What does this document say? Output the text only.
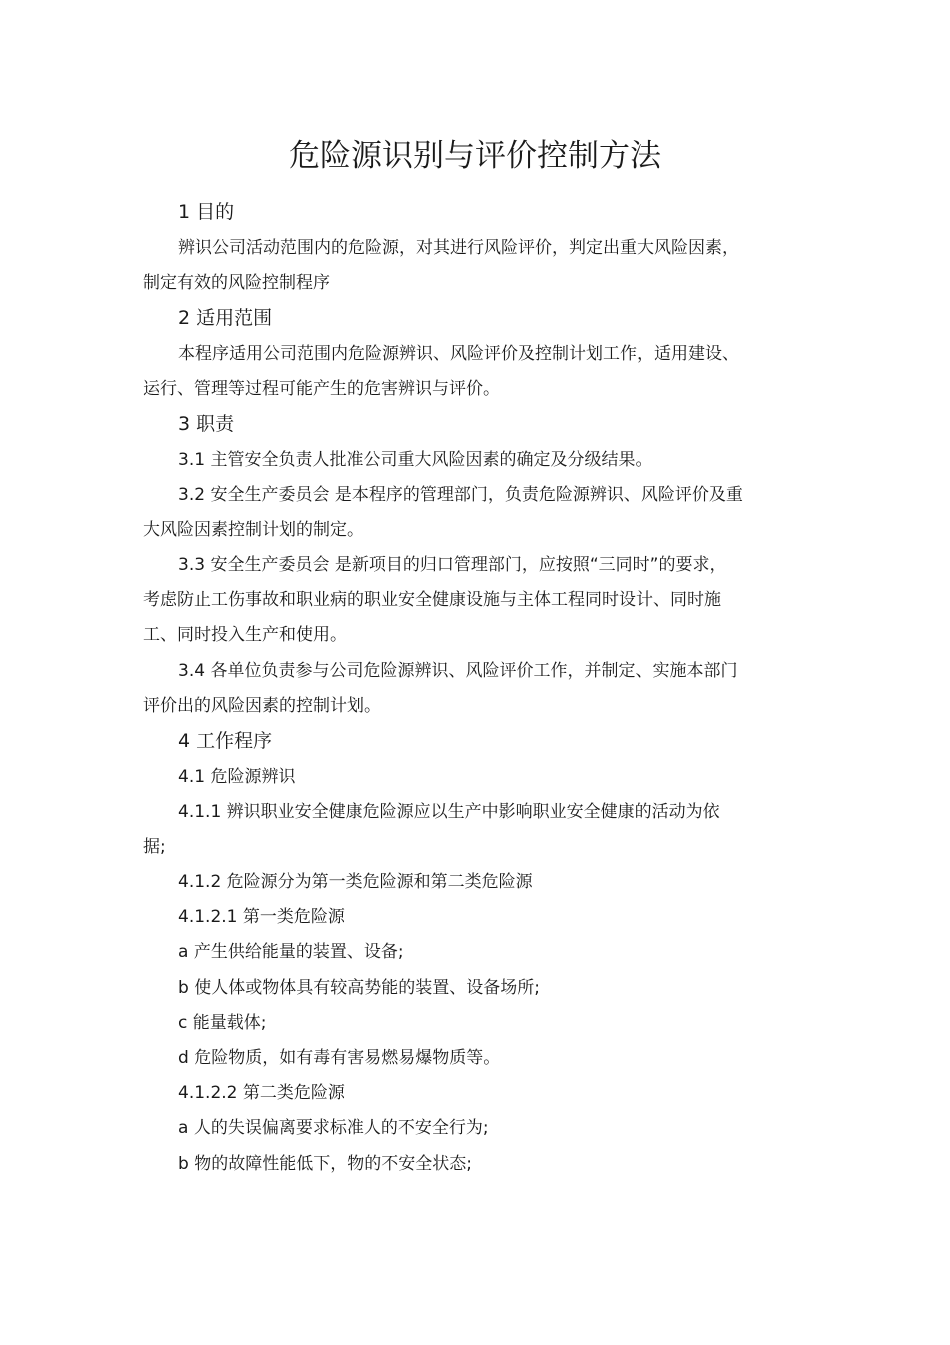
危险源识别与评价控制方法

1 目的

辨识公司活动范围内的危险源，对其进行风险评价，判定出重大风险因素，

制定有效的风险控制程序

2 适用范围

本程序适用公司范围内危险源辨识、风险评价及控制计划工作，适用建设、

运行、管理等过程可能产生的危害辨识与评价。

3 职责

3.1 主管安全负责人批准公司重大风险因素的确定及分级结果。

3.2 安全生产委员会 是本程序的管理部门，负责危险源辨识、风险评价及重

大风险因素控制计划的制定。

3.3 安全生产委员会 是新项目的归口管理部门，应按照“三同时”的要求，

考虑防止工伤事故和职业病的职业安全健康设施与主体工程同时设计、同时施

工、同时投入生产和使用。

3.4 各单位负责参与公司危险源辨识、风险评价工作，并制定、实施本部门

评价出的风险因素的控制计划。

4 工作程序

4.1 危险源辨识

4.1.1 辨识职业安全健康危险源应以生产中影响职业安全健康的活动为依

据;

4.1.2 危险源分为第一类危险源和第二类危险源

4.1.2.1 第一类危险源

a 产生供给能量的装置、设备;

b 使人体或物体具有较高势能的装置、设备场所;

c 能量载体;

d 危险物质，如有毒有害易燃易爆物质等。

4.1.2.2 第二类危险源

a 人的失误偏离要求标准人的不安全行为;

b 物的故障性能低下，物的不安全状态;
